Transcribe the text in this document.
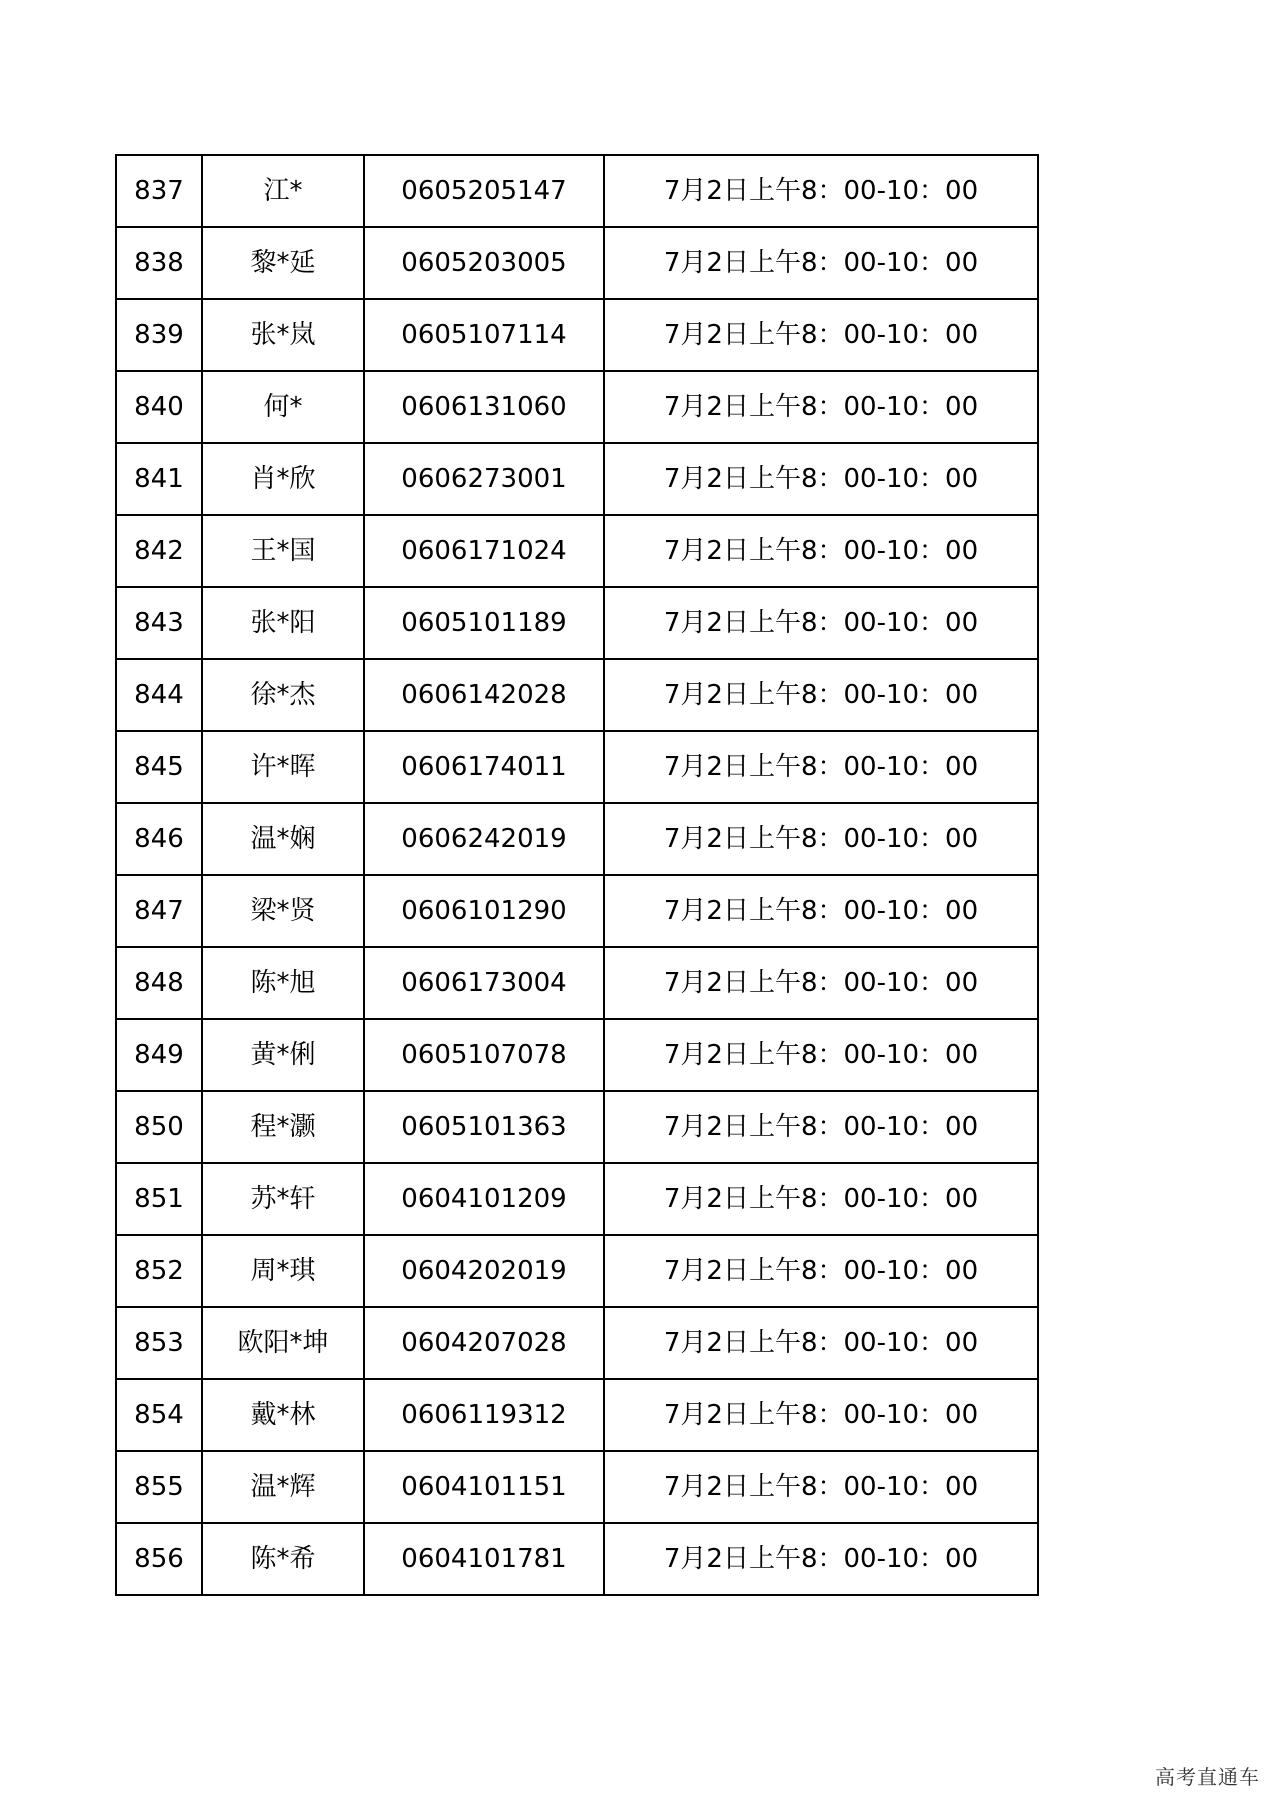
837	江*	0605205147	7月2日上午8：00-10：00
838	黎*延	0605203005	7月2日上午8：00-10：00
839	张*岚	0605107114	7月2日上午8：00-10：00
840	何*	0606131060	7月2日上午8：00-10：00
841	肖*欣	0606273001	7月2日上午8：00-10：00
842	王*国	0606171024	7月2日上午8：00-10：00
843	张*阳	0605101189	7月2日上午8：00-10：00
844	徐*杰	0606142028	7月2日上午8：00-10：00
845	许*晖	0606174011	7月2日上午8：00-10：00
846	温*娴	0606242019	7月2日上午8：00-10：00
847	梁*贤	0606101290	7月2日上午8：00-10：00
848	陈*旭	0606173004	7月2日上午8：00-10：00
849	黄*俐	0605107078	7月2日上午8：00-10：00
850	程*灏	0605101363	7月2日上午8：00-10：00
851	苏*轩	0604101209	7月2日上午8：00-10：00
852	周*琪	0604202019	7月2日上午8：00-10：00
853	欧阳*坤	0604207028	7月2日上午8：00-10：00
854	戴*林	0606119312	7月2日上午8：00-10：00
855	温*辉	0604101151	7月2日上午8：00-10：00
856	陈*希	0604101781	7月2日上午8：00-10：00
高考直通车
